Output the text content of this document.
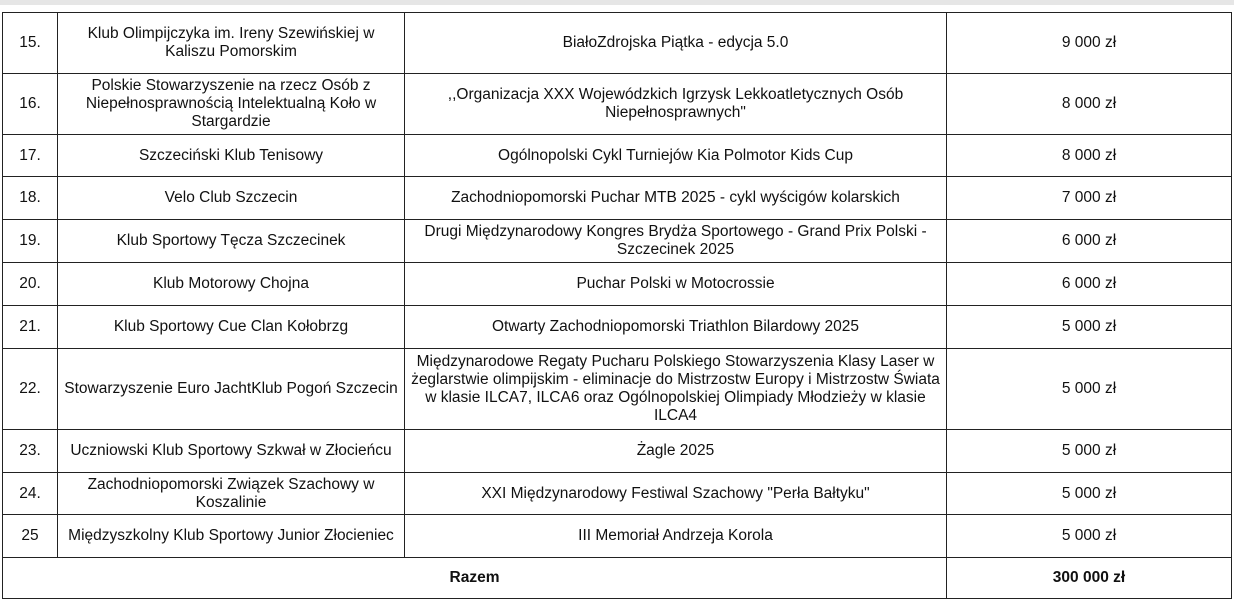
15.	Klub Olimpijczyka im. Ireny Szewińskiej w Kaliszu Pomorskim	BiałoZdrojska Piątka - edycja 5.0	9 000 zł
16.	Polskie Stowarzyszenie na rzecz Osób z Niepełnosprawnością Intelektualną Koło w Stargardzie	,,Organizacja XXX Wojewódzkich Igrzysk Lekkoatletycznych Osób Niepełnosprawnych"	8 000 zł
17.	Szczeciński Klub Tenisowy	Ogólnopolski Cykl Turniejów Kia Polmotor Kids Cup	8 000 zł
18.	Velo Club Szczecin	Zachodniopomorski Puchar MTB 2025 - cykl wyścigów kolarskich	7 000 zł
19.	Klub Sportowy Tęcza Szczecinek	Drugi Międzynarodowy Kongres Brydża Sportowego - Grand Prix Polski - Szczecinek 2025	6 000 zł
20.	Klub Motorowy Chojna	Puchar Polski w Motocrossie	6 000 zł
21.	Klub Sportowy Cue Clan Kołobrzg	Otwarty Zachodniopomorski Triathlon Bilardowy 2025	5 000 zł
22.	Stowarzyszenie Euro JachtKlub Pogoń Szczecin	Międzynarodowe Regaty Pucharu Polskiego Stowarzyszenia Klasy Laser w żeglarstwie olimpijskim - eliminacje do Mistrzostw Europy i Mistrzostw Świata w klasie ILCA7, ILCA6 oraz Ogólnopolskiej Olimpiady Młodzieży w klasie ILCA4	5 000 zł
23.	Uczniowski Klub Sportowy Szkwał w Złocieńcu	Żagle 2025	5 000 zł
24.	Zachodniopomorski Związek Szachowy w Koszalinie	XXI Międzynarodowy Festiwal Szachowy "Perła Bałtyku"	5 000 zł
25	Międzyszkolny Klub Sportowy Junior Złocieniec	III Memoriał Andrzeja Korola	5 000 zł
Razem			300 000 zł
